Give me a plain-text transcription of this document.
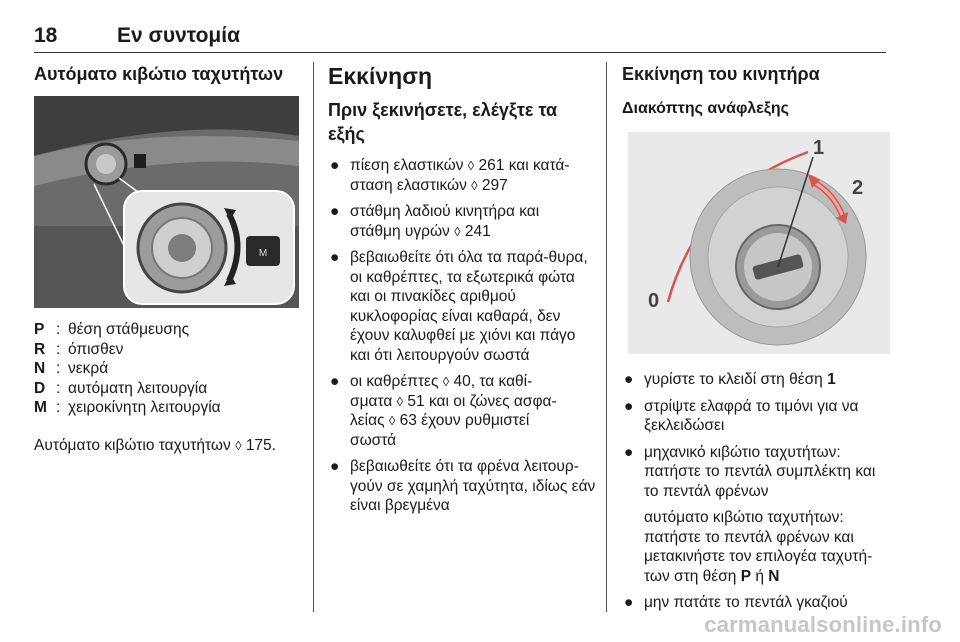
18	Εν συντομία
Αυτόματο κιβώτιο ταχυτήτων
M
P : θέση στάθμευσης
R : όπισθεν
N : νεκρά
D : αυτόματη λειτουργία
M : χειροκίνητη λειτουργία
Αυτόματο κιβώτιο ταχυτήτων ◊ 175.
Εκκίνηση
Πριν ξεκινήσετε, ελέγξτε τα εξής
● πίεση ελαστικών ◊ 261 και κατά-
σταση ελαστικών ◊ 297
● στάθμη λαδιού κινητήρα και
στάθμη υγρών ◊ 241
● βεβαιωθείτε ότι όλα τα παρά-θυρα, οι καθρέπτες, τα εξωτερικά φώτα και οι πινακίδες αριθμού κυκλοφορίας είναι καθαρά, δεν έχουν καλυφθεί με χιόνι και πάγο και ότι λειτουργούν σωστά
● οι καθρέπτες ◊ 40, τα καθί-
σματα ◊ 51 και οι ζώνες ασφα-
λείας ◊ 63 έχουν ρυθμιστεί
σωστά
● βεβαιωθείτε ότι τα φρένα λειτουρ-γούν σε χαμηλή ταχύτητα, ιδίως εάν είναι βρεγμένα
Εκκίνηση του κινητήρα
Διακόπτης ανάφλεξης
1
2
0
● γυρίστε το κλειδί στη θέση 1
● στρίψτε ελαφρά το τιμόνι για να ξεκλειδώσει
● μηχανικό κιβώτιο ταχυτήτων: πατήστε το πεντάλ συμπλέκτη και το πεντάλ φρένων
αυτόματο κιβώτιο ταχυτήτων: πατήστε το πεντάλ φρένων και μετακινήστε τον επιλογέα ταχυτή-των στη θέση P ή N
● μην πατάτε το πεντάλ γκαζιού
carmanualsonline.info
